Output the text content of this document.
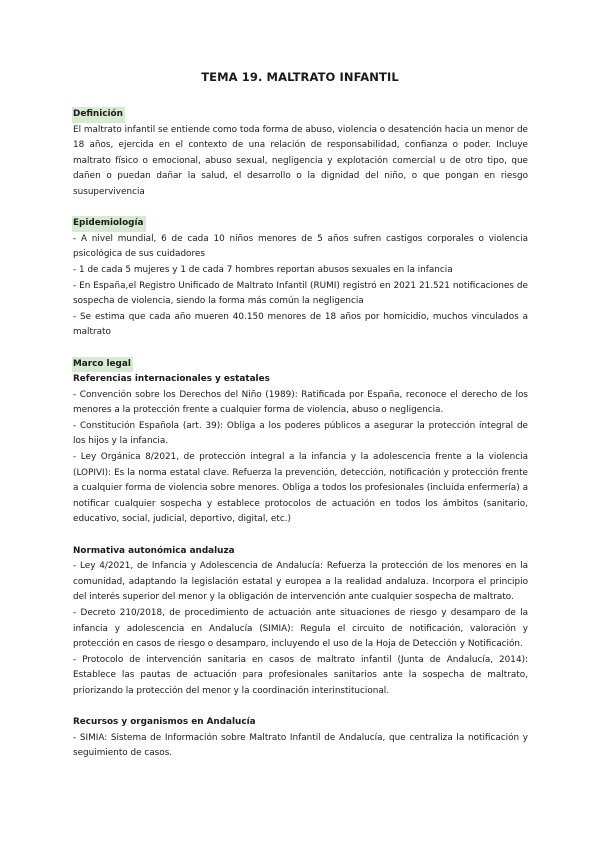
TEMA 19. MALTRATO INFANTIL
Definición

El maltrato infantil se entiende como toda forma de abuso, violencia o desatención hacia un menor de 18 años, ejercida en el contexto de una relación de responsabilidad, confianza o poder. Incluye maltrato físico o emocional, abuso sexual, negligencia y explotación comercial u de otro tipo, que dañen o puedan dañar la salud, el desarrollo o la dignidad del niño, o que pongan en riesgo susupervivencia

Epidemiología

- A nivel mundial, 6 de cada 10 niños menores de 5 años sufren castigos corporales o violencia psicológica de sus cuidadores

- 1 de cada 5 mujeres y 1 de cada 7 hombres reportan abusos sexuales en la infancia

- En España,el Registro Unificado de Maltrato Infantil (RUMI) registró en 2021 21.521 notificaciones de sospecha de violencia, siendo la forma más común la negligencia

- Se estima que cada año mueren 40.150 menores de 18 años por homicidio, muchos vinculados a maltrato

Marco legal
Referencias internacionales y estatales

- Convención sobre los Derechos del Niño (1989): Ratificada por España, reconoce el derecho de los menores a la protección frente a cualquier forma de violencia, abuso o negligencia.

- Constitución Española (art. 39): Obliga a los poderes públicos a asegurar la protección integral de los hijos y la infancia.

- Ley Orgánica 8/2021, de protección integral a la infancia y la adolescencia frente a la violencia (LOPIVI): Es la norma estatal clave. Refuerza la prevención, detección, notificación y protección frente a cualquier forma de violencia sobre menores. Obliga a todos los profesionales (incluida enfermería) a notificar cualquier sospecha y establece protocolos de actuación en todos los ámbitos (sanitario, educativo, social, judicial, deportivo, digital, etc.)

Normativa autonómica andaluza

- Ley 4/2021, de Infancia y Adolescencia de Andalucía: Refuerza la protección de los menores en la comunidad, adaptando la legislación estatal y europea a la realidad andaluza. Incorpora el principio del interés superior del menor y la obligación de intervención ante cualquier sospecha de maltrato.

- Decreto 210/2018, de procedimiento de actuación ante situaciones de riesgo y desamparo de la infancia y adolescencia en Andalucía (SIMIA): Regula el circuito de notificación, valoración y protección en casos de riesgo o desamparo, incluyendo el uso de la Hoja de Detección y Notificación.

- Protocolo de intervención sanitaria en casos de maltrato infantil (Junta de Andalucía, 2014): Establece las pautas de actuación para profesionales sanitarios ante la sospecha de maltrato, priorizando la protección del menor y la coordinación interinstitucional.

Recursos y organismos en Andalucía

- SIMIA: Sistema de Información sobre Maltrato Infantil de Andalucía, que centraliza la notificación y seguimiento de casos.
